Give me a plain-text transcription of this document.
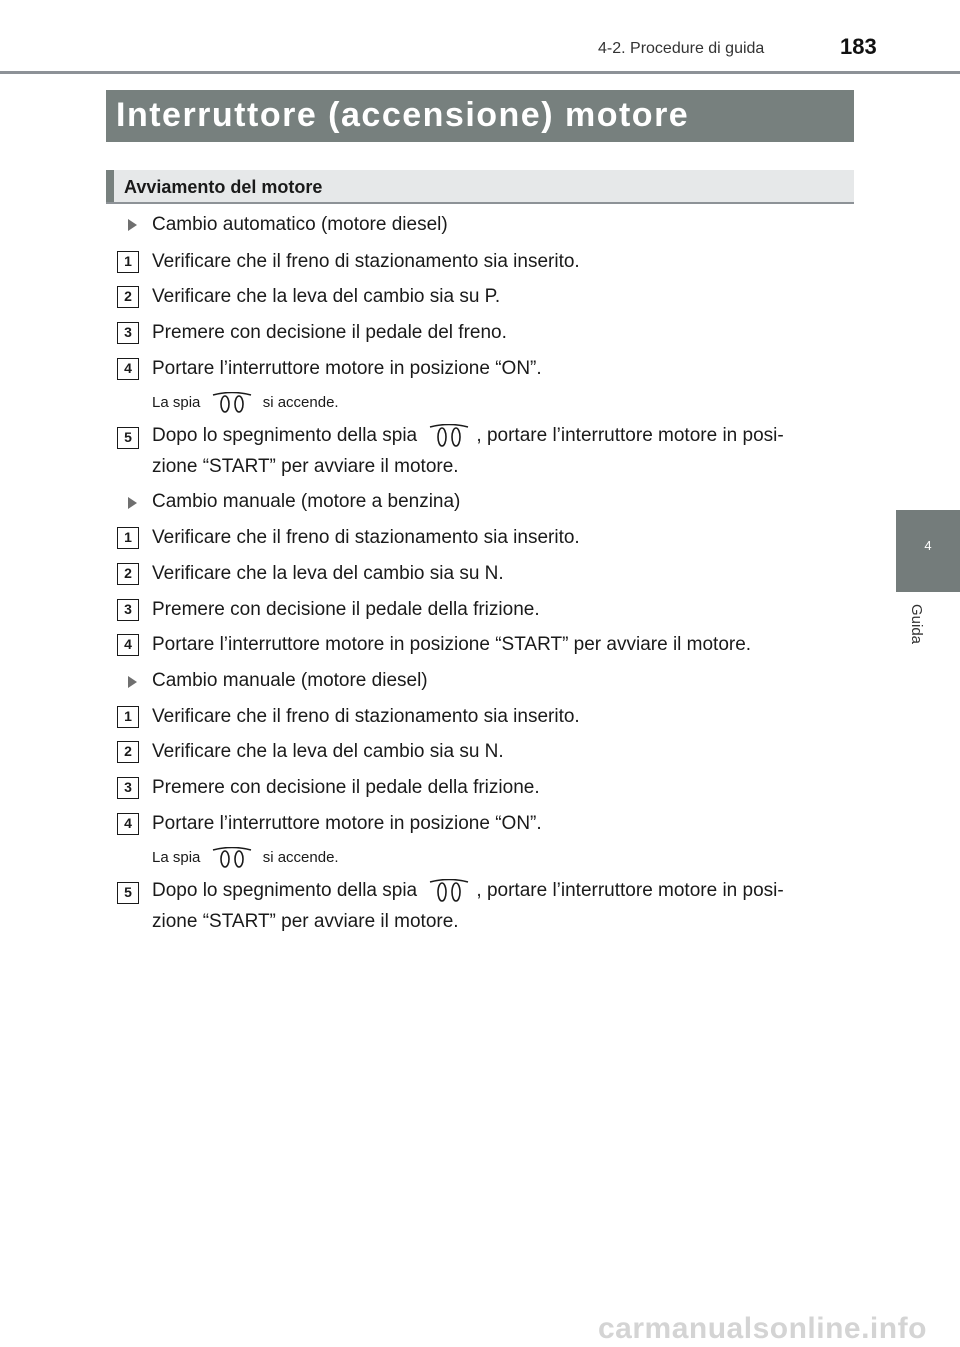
4-2. Procedure di guida	183
4
Guida
Interruttore (accensione) motore
Avviamento del motore
Cambio automatico (motore diesel)
1	Verificare che il freno di stazionamento sia inserito.
2	Verificare che la leva del cambio sia su P.
3	Premere con decisione il pedale del freno.
4	Portare l’interruttore motore in posizione “ON”.
La spia	si accende.
5	Dopo lo spegnimento della spia	, portare l’interruttore motore in posi-
zione “START” per avviare il motore.
Cambio manuale (motore a benzina)
1	Verificare che il freno di stazionamento sia inserito.
2	Verificare che la leva del cambio sia su N.
3	Premere con decisione il pedale della frizione.
4	Portare l’interruttore motore in posizione “START” per avviare il motore.
Cambio manuale (motore diesel)
1	Verificare che il freno di stazionamento sia inserito.
2	Verificare che la leva del cambio sia su N.
3	Premere con decisione il pedale della frizione.
4	Portare l’interruttore motore in posizione “ON”.
La spia	si accende.
5	Dopo lo spegnimento della spia	, portare l’interruttore motore in posi-
zione “START” per avviare il motore.
carmanualsonline.info
